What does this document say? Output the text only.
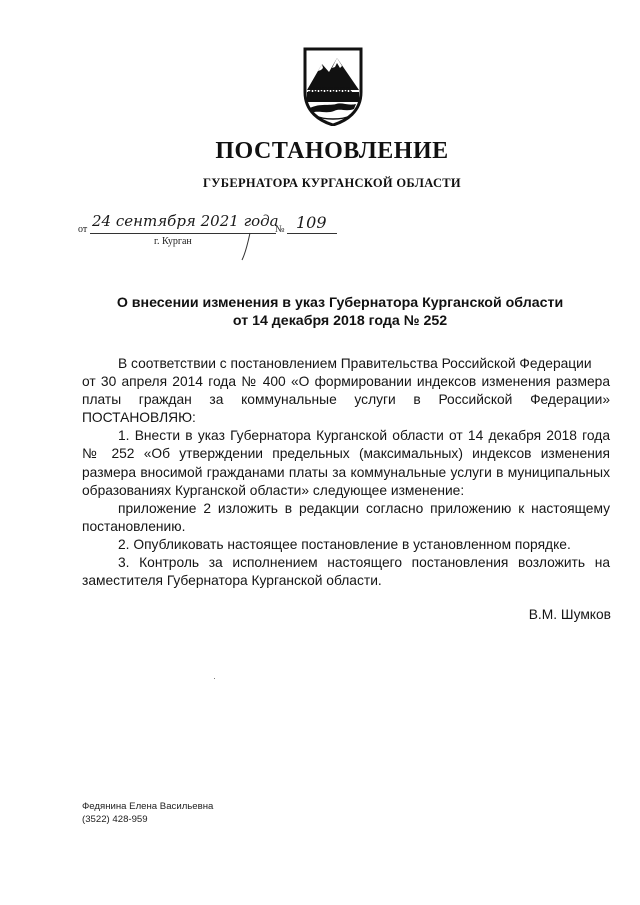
ПОСТАНОВЛЕНИЕ
ГУБЕРНАТОРА КУРГАНСКОЙ ОБЛАСТИ
от 24 сентября 2021 года
№ 109
г. Курган
О внесении изменения в указ Губернатора Курганской области
от 14 декабря 2018 года № 252

В соответствии с постановлением Правительства Российской Федерации

от 30 апреля 2014 года № 400 «О формировании индексов изменения размера

платы граждан за коммунальные услуги в Российской Федерации»

ПОСТАНОВЛЯЮ:

1. Внести в указ Губернатора Курганской области от 14 декабря 2018 года

№ 252 «Об утверждении предельных (максимальных) индексов изменения

размера вносимой гражданами платы за коммунальные услуги в муниципальных

образованиях Курганской области» следующее изменение:

приложение 2 изложить в редакции согласно приложению к настоящему

постановлению.

2. Опубликовать настоящее постановление в установленном порядке.

3. Контроль за исполнением настоящего постановления возложить на

заместителя Губернатора Курганской области.

В.М. Шумков
Федянина Елена Васильевна
(3522) 428-959
